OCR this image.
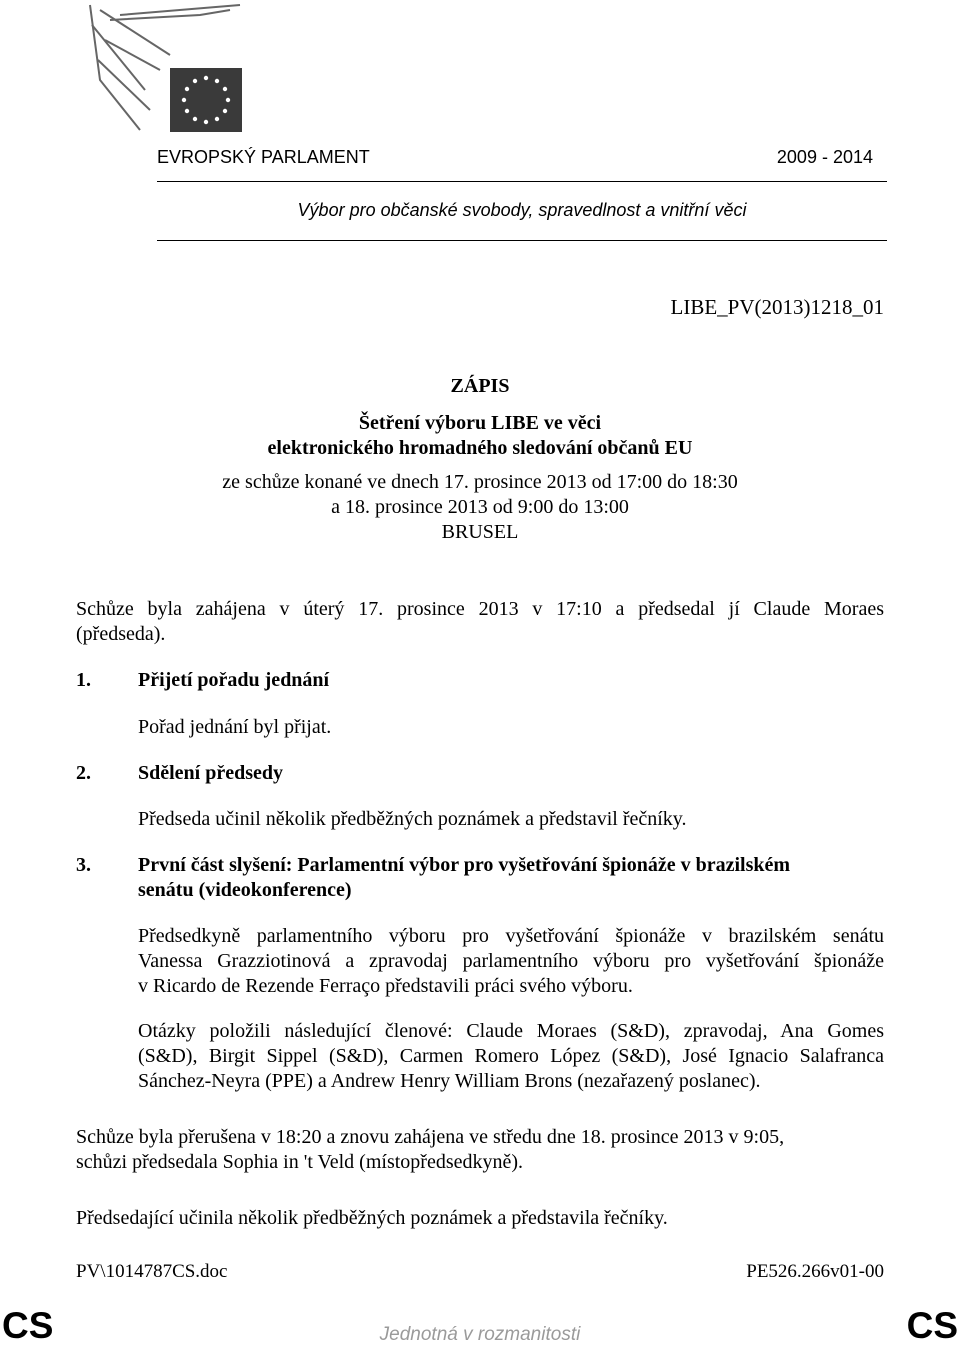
EVROPSKÝ PARLAMENT	2009 - 2014
Výbor pro občanské svobody, spravedlnost a vnitřní věci
LIBE_PV(2013)1218_01
ZÁPIS
Šetření výboru LIBE ve věci
elektronického hromadného sledování občanů EU
ze schůze konané ve dnech 17. prosince 2013 od 17:00 do 18:30
a 18. prosince 2013 od 9:00 do 13:00
BRUSEL
Schůze byla zahájena v úterý 17. prosince 2013 v 17:10 a předsedal jí Claude Moraes
(předseda).
1. Přijetí pořadu jednání
Pořad jednání byl přijat.
2. Sdělení předsedy
Předseda učinil několik předběžných poznámek a představil řečníky.
3. První část slyšení: Parlamentní výbor pro vyšetřování špionáže v brazilském
senátu (videokonference)
Předsedkyně parlamentního výboru pro vyšetřování špionáže v brazilském senátu
Vanessa Grazziotinová a zpravodaj parlamentního výboru pro vyšetřování špionáže
v Ricardo de Rezende Ferraço představili práci svého výboru.
Otázky položili následující členové: Claude Moraes (S&D), zpravodaj, Ana Gomes
(S&D), Birgit Sippel (S&D), Carmen Romero López (S&D), José Ignacio Salafranca
Sánchez-Neyra (PPE) a Andrew Henry William Brons (nezařazený poslanec).
Schůze byla přerušena v 18:20 a znovu zahájena ve středu dne 18. prosince 2013 v 9:05,
schůzi předsedala Sophia in 't Veld (místopředsedkyně).
Předsedající učinila několik předběžných poznámek a představila řečníky.
PV\1014787CS.doc	PE526.266v01-00
CS	CS
Jednotná v rozmanitosti
